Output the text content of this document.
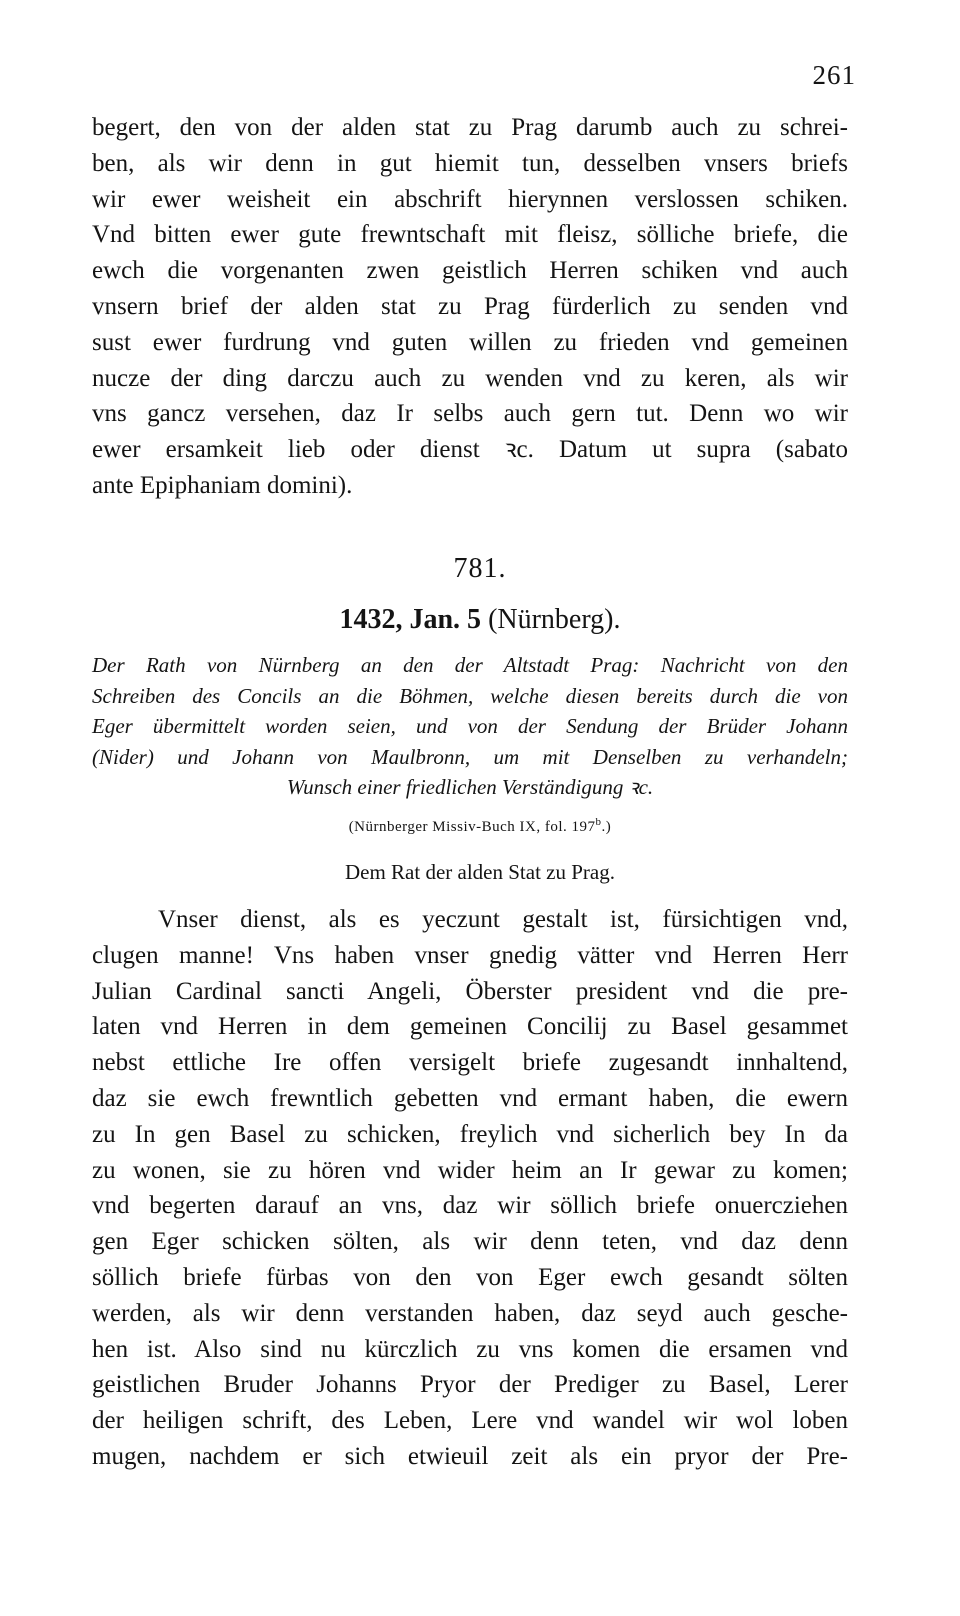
261
begert, den von der alden stat zu Prag darumb auch zu schrei-
ben, als wir denn in gut hiemit tun, desselben vnsers briefs
wir ewer weisheit ein abschrift hierynnen verslossen schiken.
Vnd bitten ewer gute frewntschaft mit fleisz, sölliche briefe, die
ewch die vorgenanten zwen geistlich Herren schiken vnd auch
vnsern brief der alden stat zu Prag fürderlich zu senden vnd
sust ewer furdrung vnd guten willen zu frieden vnd gemeinen
nucze der ding darczu auch zu wenden vnd zu keren, als wir
vns gancz versehen, daz Ir selbs auch gern tut. Denn wo wir
ewer ersamkeit lieb oder dienst ꝛc. Datum ut supra (sabato
ante Epiphaniam domini).
781.
1432, Jan. 5 (Nürnberg).
Der Rath von Nürnberg an den der Altstadt Prag: Nachricht von den
Schreiben des Concils an die Böhmen, welche diesen bereits durch die von
Eger übermittelt worden seien, und von der Sendung der Brüder Johann
(Nider) und Johann von Maulbronn, um mit Denselben zu verhandeln;
Wunsch einer friedlichen Verständigung ꝛc.
(Nürnberger Missiv-Buch IX, fol. 197$^b$.)
Dem Rat der alden Stat zu Prag.
Vnser dienst, als es yeczunt gestalt ist, fürsichtigen vnd,
clugen manne! Vns haben vnser gnedig vätter vnd Herren Herr
Julian Cardinal sancti Angeli, Öberster president vnd die pre-
laten vnd Herren in dem gemeinen Concilij zu Basel gesammet
nebst ettliche Ire offen versigelt briefe zugesandt innhaltend,
daz sie ewch frewntlich gebetten vnd ermant haben, die ewern
zu In gen Basel zu schicken, freylich vnd sicherlich bey In da
zu wonen, sie zu hören vnd wider heim an Ir gewar zu komen;
vnd begerten darauf an vns, daz wir söllich briefe onuercziehen
gen Eger schicken sölten, als wir denn teten, vnd daz denn
söllich briefe fürbas von den von Eger ewch gesandt sölten
werden, als wir denn verstanden haben, daz seyd auch gesche-
hen ist. Also sind nu kürczlich zu vns komen die ersamen vnd
geistlichen Bruder Johanns Pryor der Prediger zu Basel, Lerer
der heiligen schrift, des Leben, Lere vnd wandel wir wol loben
mugen, nachdem er sich etwieuil zeit als ein pryor der Pre-
